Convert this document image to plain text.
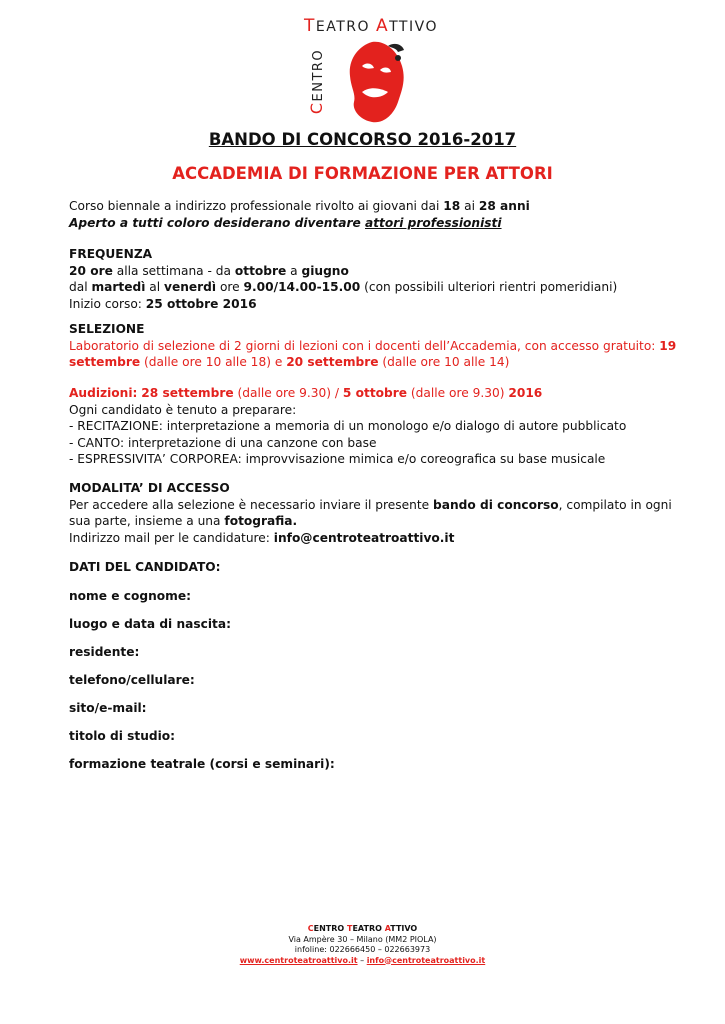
TEATRO ATTIVO
CENTRO
BANDO DI CONCORSO 2016-2017
ACCADEMIA DI FORMAZIONE PER ATTORI
Corso biennale a indirizzo professionale rivolto ai giovani dai 18 ai 28 anni
Aperto a tutti coloro desiderano diventare attori professionisti
FREQUENZA
20 ore alla settimana - da ottobre a giugno
dal martedì al venerdì ore 9.00/14.00-15.00 (con possibili ulteriori rientri pomeridiani)
Inizio corso: 25 ottobre 2016
SELEZIONE
Laboratorio di selezione di 2 giorni di lezioni con i docenti dell’Accademia, con accesso gratuito: 19
settembre (dalle ore 10 alle 18) e 20 settembre (dalle ore 10 alle 14)
Audizioni: 28 settembre (dalle ore 9.30) / 5 ottobre (dalle ore 9.30) 2016
Ogni candidato è tenuto a preparare:
- RECITAZIONE: interpretazione a memoria di un monologo e/o dialogo di autore pubblicato
- CANTO: interpretazione di una canzone con base
- ESPRESSIVITA’ CORPOREA: improvvisazione mimica e/o coreografica su base musicale
MODALITA’ DI ACCESSO
Per accedere alla selezione è necessario inviare il presente bando di concorso, compilato in ogni
sua parte, insieme a una fotografia.
Indirizzo mail per le candidature: info@centroteatroattivo.it
DATI DEL CANDIDATO:
nome e cognome:
luogo e data di nascita:
residente:
telefono/cellulare:
sito/e-mail:
titolo di studio:
formazione teatrale (corsi e seminari):
CENTRO TEATRO ATTIVO
Via Ampère 30 – Milano (MM2 PIOLA)
infoline: 022666450 – 022663973
www.centroteatroattivo.it – info@centroteatroattivo.it
